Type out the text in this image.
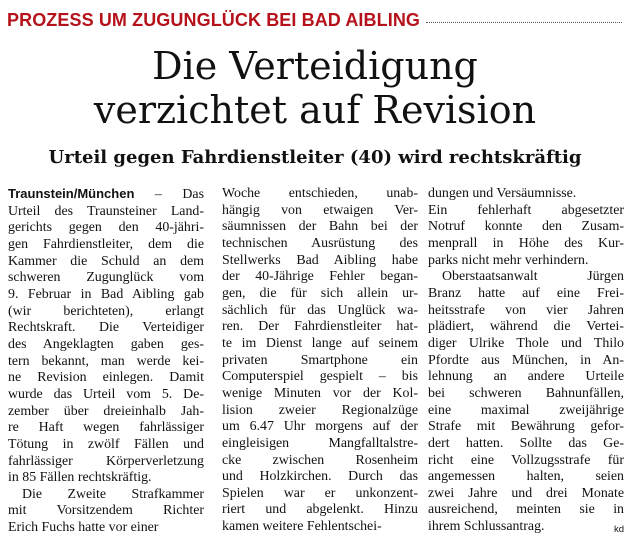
PROZESS UM ZUGUNGLÜCK BEI BAD AIBLING
Die Verteidigung
verzichtet auf Revision
Urteil gegen Fahrdienstleiter (40) wird rechtskräftig
Traunstein/München – Das
Urteil des Traunsteiner Land-
gerichts gegen den 40-jähri-
gen Fahrdienstleiter, dem die
Kammer die Schuld an dem
schweren Zugunglück vom
9. Februar in Bad Aibling gab
(wir berichteten), erlangt
Rechtskraft. Die Verteidiger
des Angeklagten gaben ges-
tern bekannt, man werde kei-
ne Revision einlegen. Damit
wurde das Urteil vom 5. De-
zember über dreieinhalb Jah-
re Haft wegen fahrlässiger
Tötung in zwölf Fällen und
fahrlässiger Körperverletzung
in 85 Fällen rechtskräftig.
Die Zweite Strafkammer
mit Vorsitzendem Richter
Erich Fuchs hatte vor einer
Woche entschieden, unab-
hängig von etwaigen Ver-
säumnissen der Bahn bei der
technischen Ausrüstung des
Stellwerks Bad Aibling habe
der 40-Jährige Fehler began-
gen, die für sich allein ur-
sächlich für das Unglück wa-
ren. Der Fahrdienstleiter hat-
te im Dienst lange auf seinem
privaten Smartphone ein
Computerspiel gespielt – bis
wenige Minuten vor der Kol-
lision zweier Regionalzüge
um 6.47 Uhr morgens auf der
eingleisigen Mangfalltalstre-
cke zwischen Rosenheim
und Holzkirchen. Durch das
Spielen war er unkonzent-
riert und abgelenkt. Hinzu
kamen weitere Fehlentschei-
dungen und Versäumnisse.
Ein fehlerhaft abgesetzter
Notruf konnte den Zusam-
menprall in Höhe des Kur-
parks nicht mehr verhindern.
Oberstaatsanwalt Jürgen
Branz hatte auf eine Frei-
heitsstrafe von vier Jahren
plädiert, während die Vertei-
diger Ulrike Thole und Thilo
Pfordte aus München, in An-
lehnung an andere Urteile
bei schweren Bahnunfällen,
eine maximal zweijährige
Strafe mit Bewährung gefor-
dert hatten. Sollte das Ge-
richt eine Vollzugsstrafe für
angemessen halten, seien
zwei Jahre und drei Monate
ausreichend, meinten sie in
kd
ihrem Schlussantrag.
